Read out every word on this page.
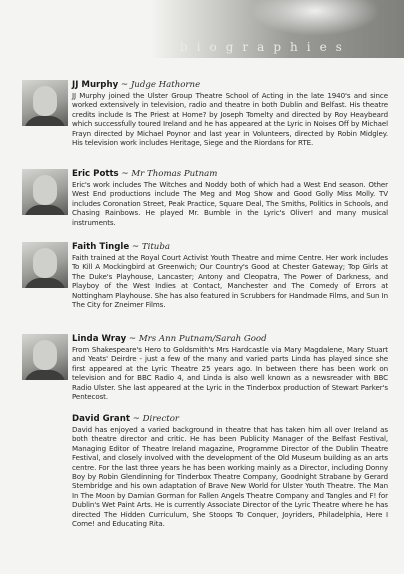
biographies

JJ Murphy ~ Judge Hathorne

JJ Murphy joined the Ulster Group Theatre School of Acting in the late 1940's and since worked extensively in television, radio and theatre in both Dublin and Belfast. His theatre credits include Is The Priest at Home? by Joseph Tomelty and directed by Roy Heaybeard which successfully toured Ireland and he has appeared at the Lyric in Noises Off by Michael Frayn directed by Michael Poynor and last year in Volunteers, directed by Robin Midgley. His television work includes Heritage, Siege and the Riordans for RTE.

Eric Potts ~ Mr Thomas Putnam

Eric's work includes The Witches and Noddy both of which had a West End season. Other West End productions include The Meg and Mog Show and Good Golly Miss Molly. TV includes Coronation Street, Peak Practice, Square Deal, The Smiths, Politics in Schools, and Chasing Rainbows. He played Mr. Bumble in the Lyric's Oliver! and many musical instruments.

Faith Tingle ~ Tituba

Faith trained at the Royal Court Activist Youth Theatre and mime Centre. Her work includes To Kill A Mockingbird at Greenwich; Our Country's Good at Chester Gateway; Top Girls at The Duke's Playhouse, Lancaster; Antony and Cleopatra, The Power of Darkness, and Playboy of the West Indies at Contact, Manchester and The Comedy of Errors at Nottingham Playhouse. She has also featured in Scrubbers for Handmade Films, and Sun In The City for Zneimer Films.

Linda Wray ~ Mrs Ann Putnam/Sarah Good

From Shakespeare's Hero to Goldsmith's Mrs Hardcastle via Mary Magdalene, Mary Stuart and Yeats' Deirdre - just a few of the many and varied parts Linda has played since she first appeared at the Lyric Theatre 25 years ago. In between there has been work on television and for BBC Radio 4, and Linda is also well known as a newsreader with BBC Radio Ulster. She last appeared at the Lyric in the Tinderbox production of Stewart Parker's Pentecost.

David Grant ~ Director

David has enjoyed a varied background in theatre that has taken him all over Ireland as both theatre director and critic. He has been Publicity Manager of the Belfast Festival, Managing Editor of Theatre Ireland magazine, Programme Director of the Dublin Theatre Festival, and closely involved with the development of the Old Museum building as an arts centre. For the last three years he has been working mainly as a Director, including Donny Boy by Robin Glendinning for Tinderbox Theatre Company, Goodnight Strabane by Gerard Stembridge and his own adaptation of Brave New World for Ulster Youth Theatre. The Man In The Moon by Damian Gorman for Fallen Angels Theatre Company and Tangles and F! for Dublin's Wet Paint Arts. He is currently Associate Director of the Lyric Theatre where he has directed The Hidden Curriculum, She Stoops To Conquer, Joyriders, Philadelphia, Here I Come! and Educating Rita.
